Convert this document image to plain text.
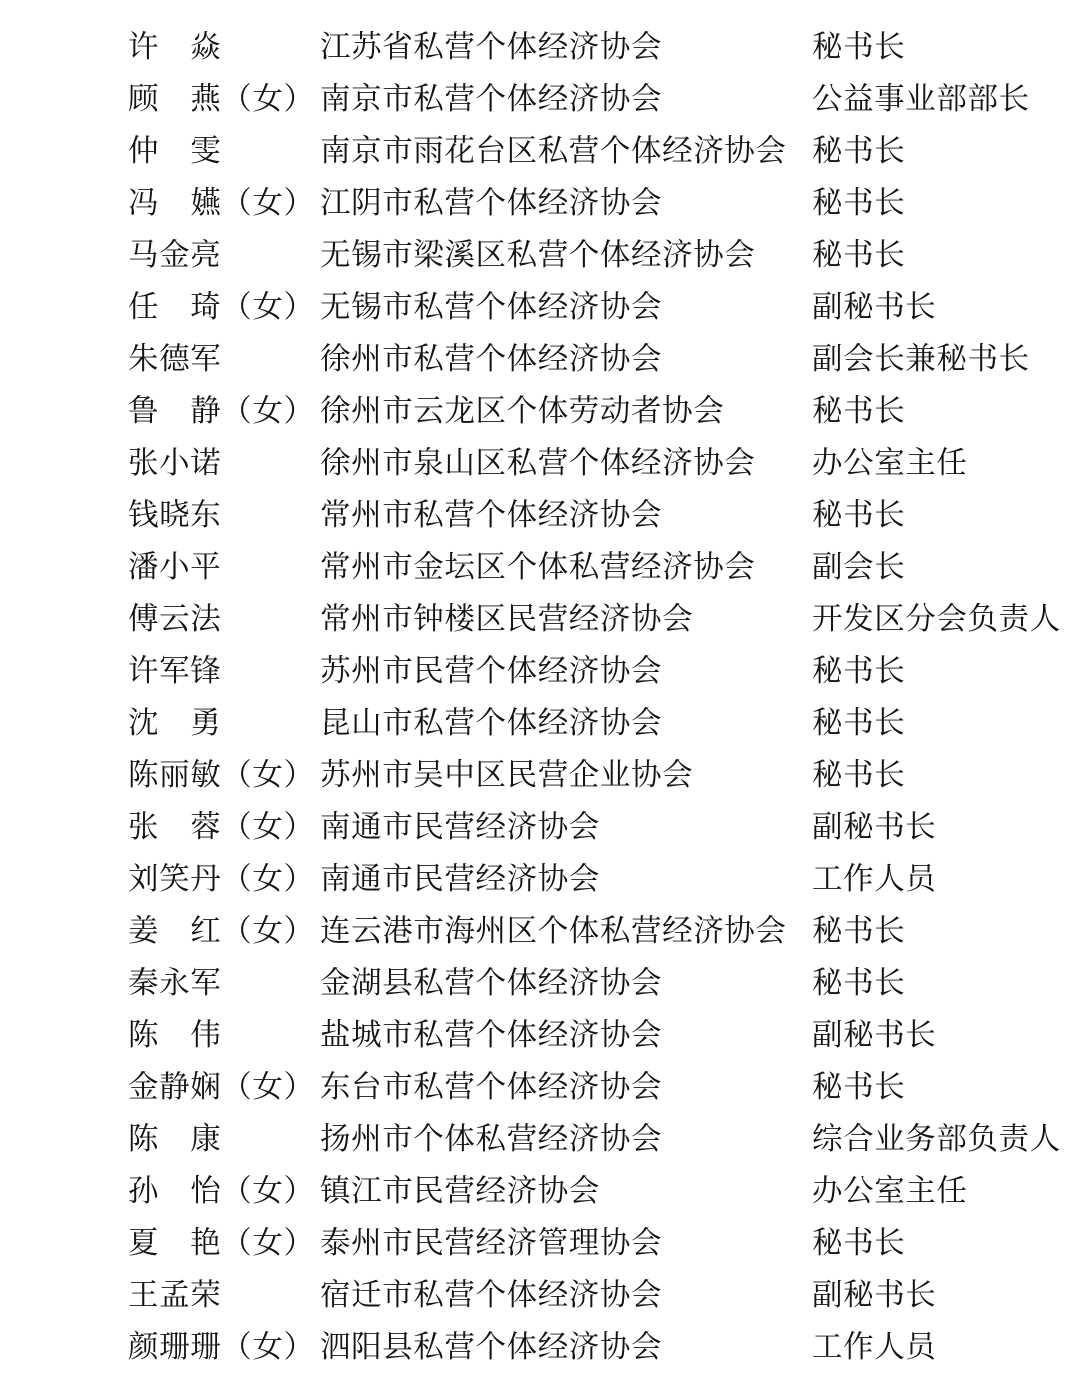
许　焱	江苏省私营个体经济协会	秘书长
顾　燕（女） 南京市私营个体经济协会	公益事业部部长
仲　雯	南京市雨花台区私营个体经济协会 秘书长
冯　嬿（女） 江阴市私营个体经济协会	秘书长
马金亮	无锡市梁溪区私营个体经济协会	秘书长
任　琦（女） 无锡市私营个体经济协会	副秘书长
朱德军	徐州市私营个体经济协会	副会长兼秘书长
鲁　静（女） 徐州市云龙区个体劳动者协会	秘书长
张小诺	徐州市泉山区私营个体经济协会	办公室主任
钱晓东	常州市私营个体经济协会	秘书长
潘小平	常州市金坛区个体私营经济协会	副会长
傅云法	常州市钟楼区民营经济协会	开发区分会负责人
许军锋	苏州市民营个体经济协会	秘书长
沈　勇	昆山市私营个体经济协会	秘书长
陈丽敏（女） 苏州市吴中区民营企业协会	秘书长
张　蓉（女） 南通市民营经济协会	副秘书长
刘笑丹（女） 南通市民营经济协会	工作人员
姜　红（女） 连云港市海州区个体私营经济协会 秘书长
秦永军	金湖县私营个体经济协会	秘书长
陈　伟	盐城市私营个体经济协会	副秘书长
金静娴（女） 东台市私营个体经济协会	秘书长
陈　康	扬州市个体私营经济协会	综合业务部负责人
孙　怡（女） 镇江市民营经济协会	办公室主任
夏　艳（女） 泰州市民营经济管理协会	秘书长
王孟荣	宿迁市私营个体经济协会	副秘书长
颜珊珊（女） 泗阳县私营个体经济协会	工作人员
